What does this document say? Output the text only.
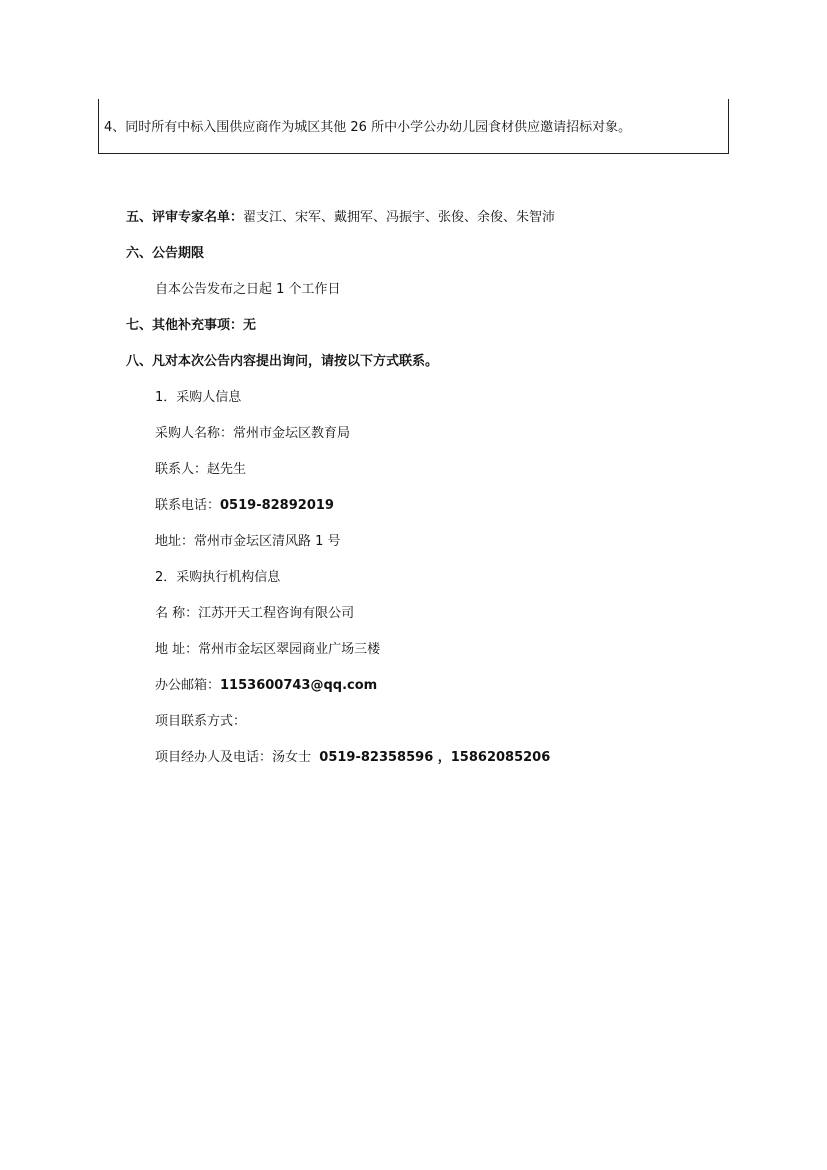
4、同时所有中标入围供应商作为城区其他 26 所中小学公办幼儿园食材供应邀请招标对象。
五、评审专家名单：翟支江、宋军、戴拥军、冯振宇、张俊、余俊、朱智沛
六、公告期限
自本公告发布之日起 1 个工作日
七、其他补充事项：无
八、凡对本次公告内容提出询问，请按以下方式联系。
1．采购人信息
采购人名称：常州市金坛区教育局
联系人：赵先生
联系电话：0519-82892019
地址：常州市金坛区清风路 1 号
2．采购执行机构信息
名 称：江苏开天工程咨询有限公司
地 址：常州市金坛区翠园商业广场三楼
办公邮箱：1153600743@qq.com
项目联系方式：
项目经办人及电话：汤女士 0519-82358596 ，15862085206
